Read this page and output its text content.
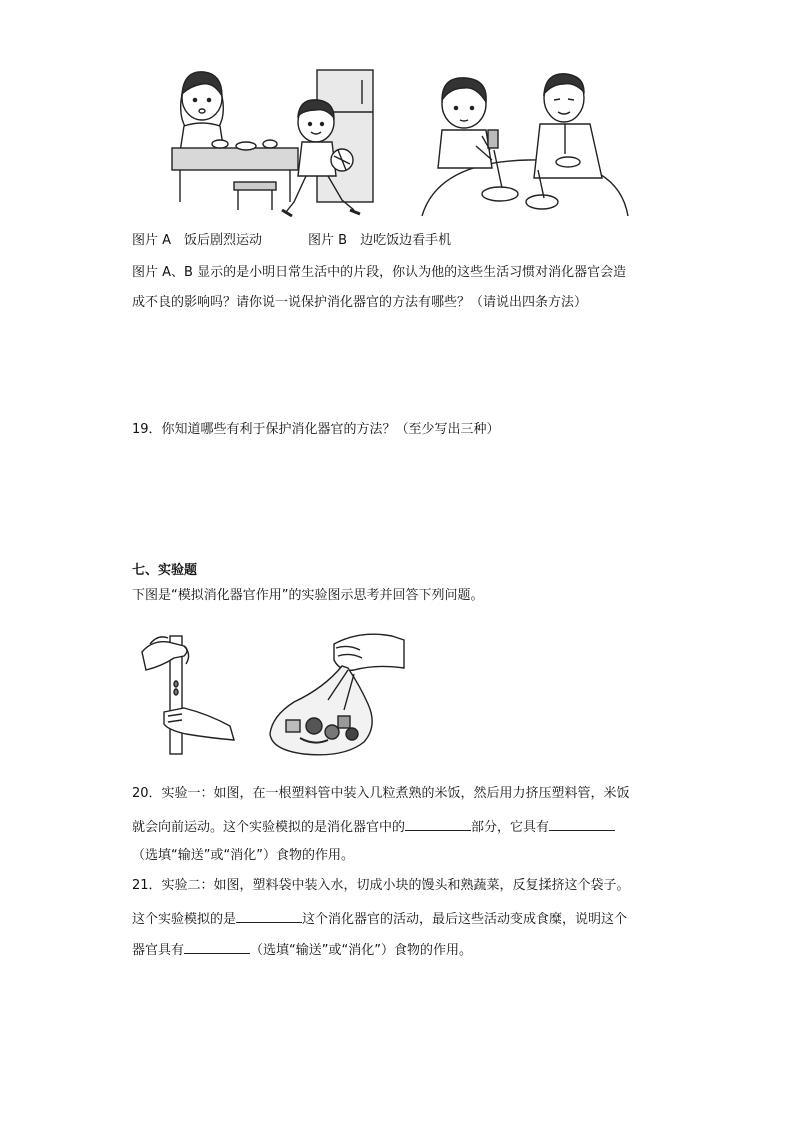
图片 A　饭后剧烈运动	图片 B　边吃饭边看手机
图片 A、B 显示的是小明日常生活中的片段，你认为他的这些生活习惯对消化器官会造
成不良的影响吗？请你说一说保护消化器官的方法有哪些？（请说出四条方法）
19．你知道哪些有利于保护消化器官的方法？（至少写出三种）
七、实验题
下图是“模拟消化器官作用”的实验图示思考并回答下列问题。
20．实验一：如图，在一根塑料管中装入几粒煮熟的米饭，然后用力挤压塑料管，米饭
就会向前运动。这个实验模拟的是消化器官中的	部分，它具有
（选填“输送”或“消化”）食物的作用。
21．实验二：如图，塑料袋中装入水，切成小块的馒头和熟蔬菜，反复揉挤这个袋子。
这个实验模拟的是	这个消化器官的活动，最后这些活动变成食糜，说明这个
器官具有	（选填“输送”或“消化”）食物的作用。
